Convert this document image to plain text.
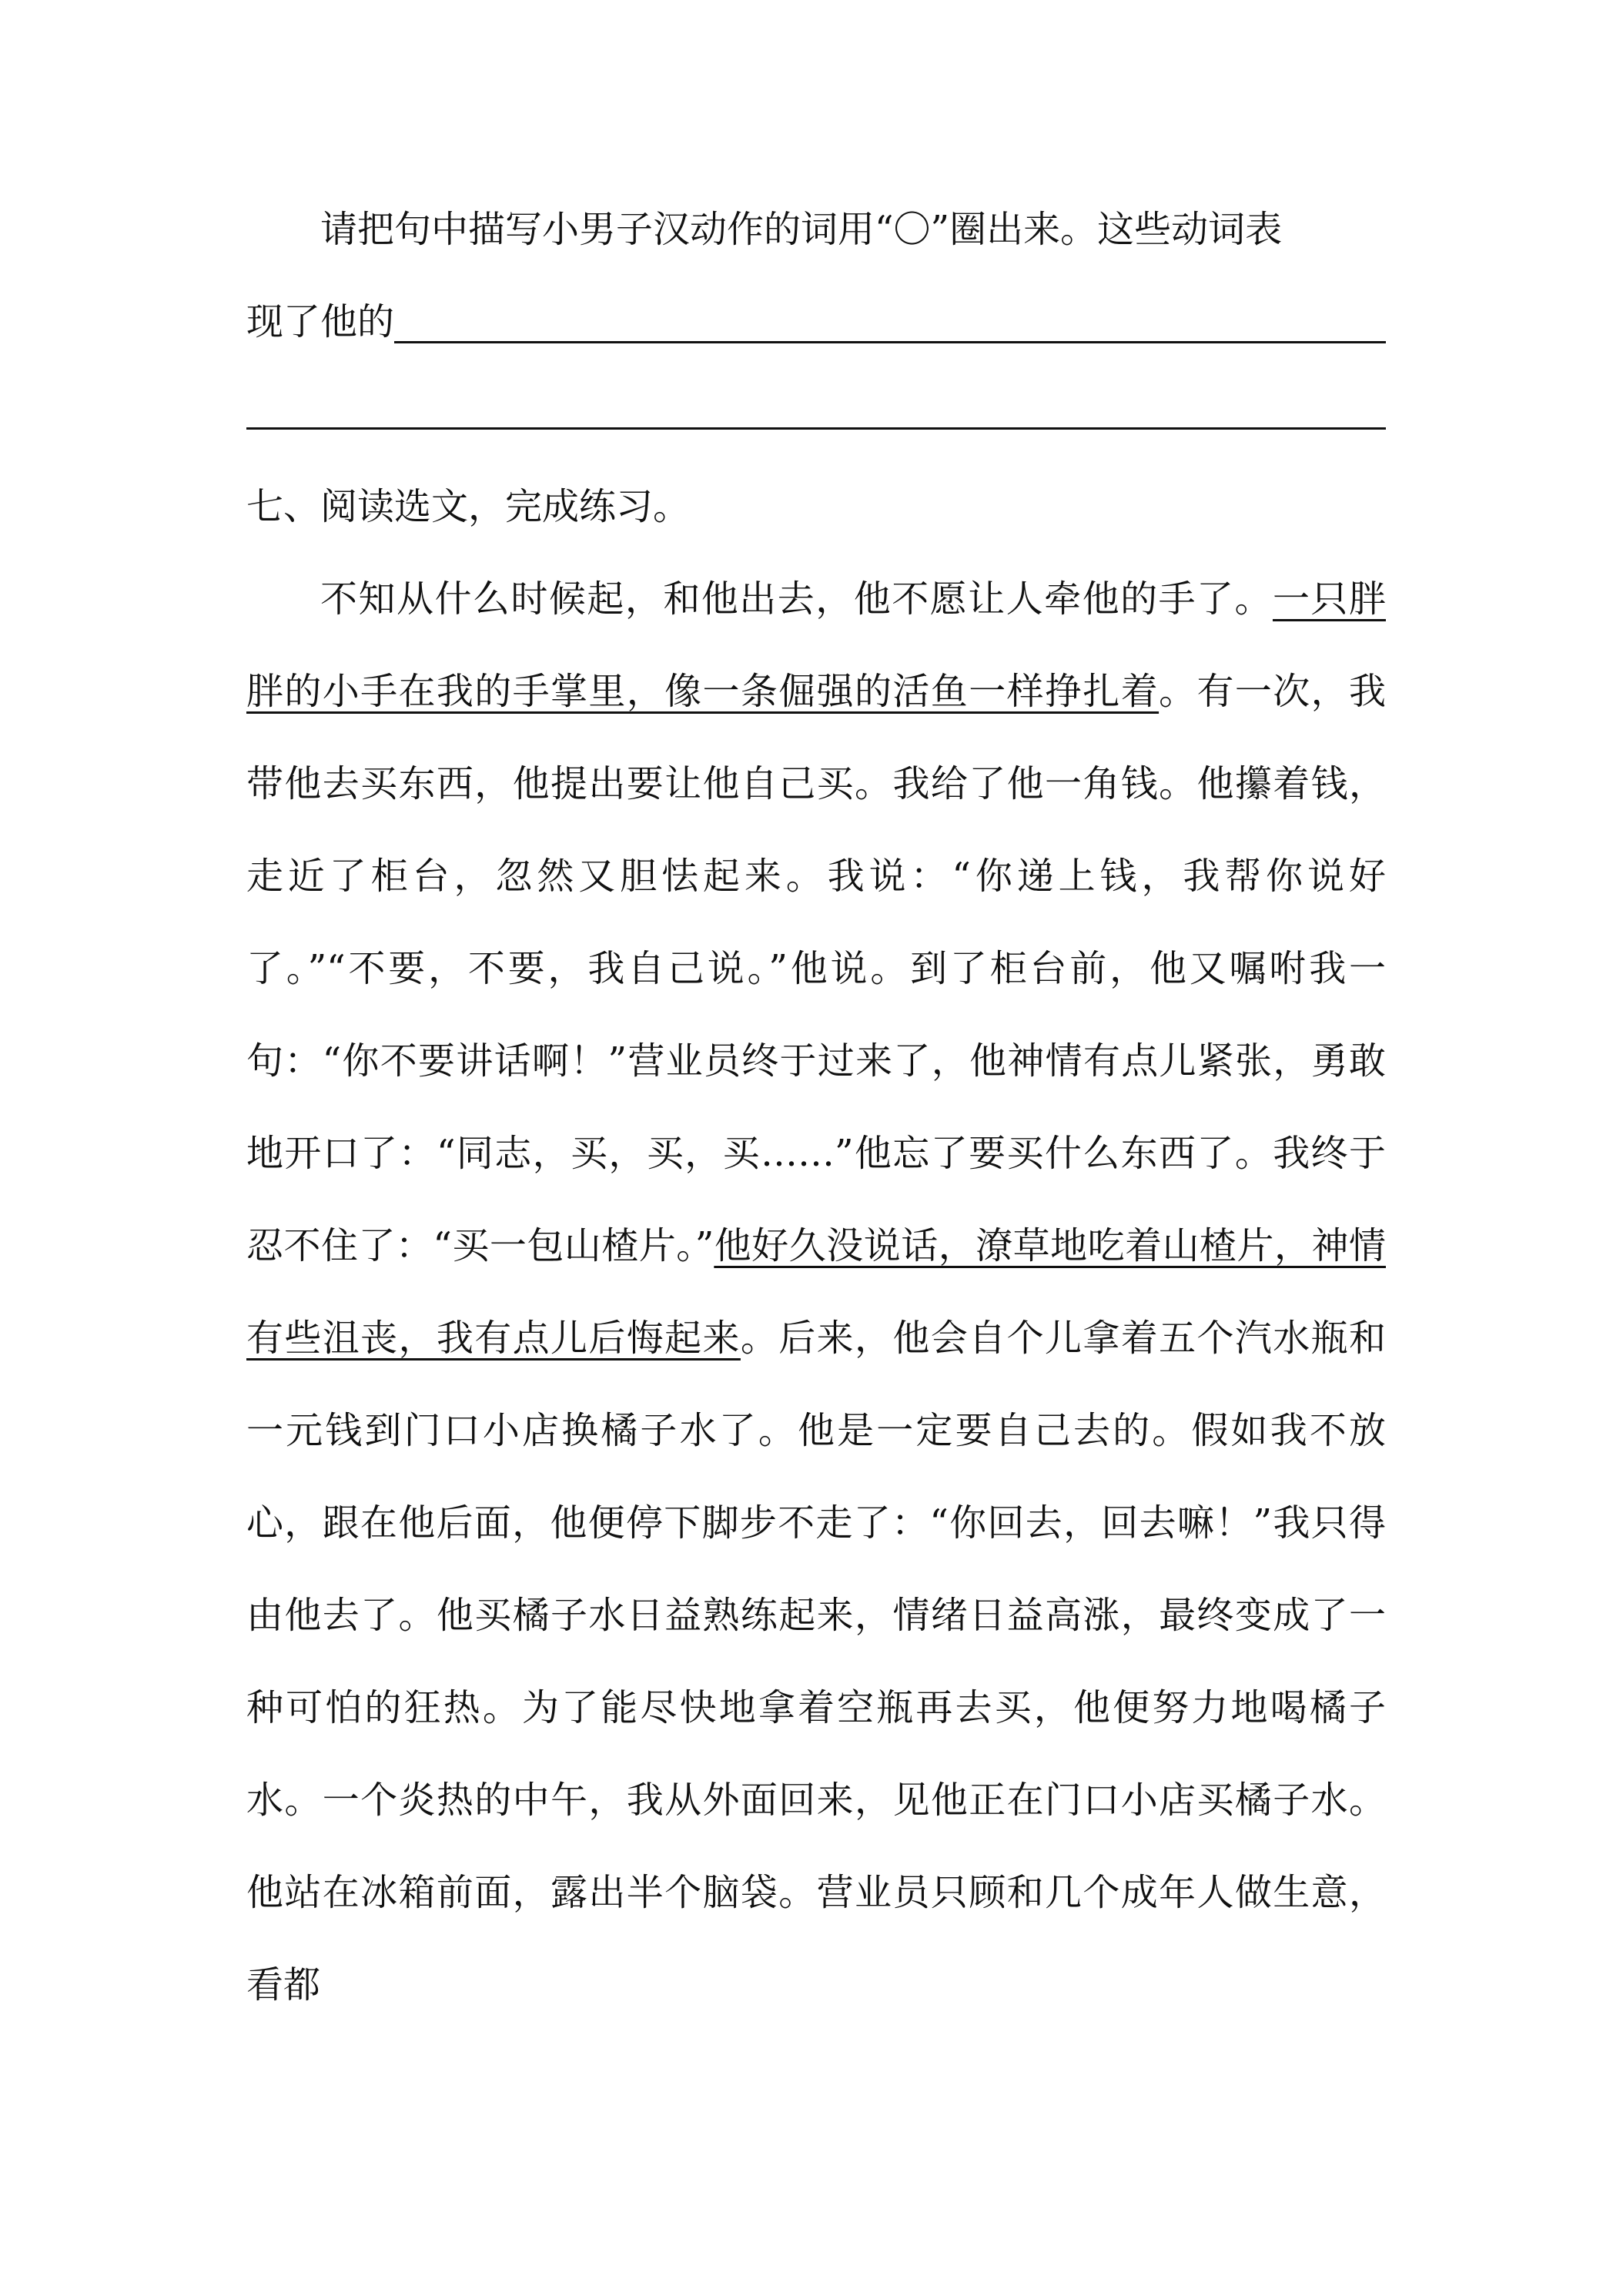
请把句中描写小男子汉动作的词用“〇”圈出来。这些动词表

现了他的

七、阅读选文，完成练习。

不知从什么时候起，和他出去，他不愿让人牵他的手了。一只胖胖的小手在我的手掌里，像一条倔强的活鱼一样挣扎着。有一次，我带他去买东西，他提出要让他自己买。我给了他一角钱。他攥着钱，走近了柜台，忽然又胆怯起来。我说：“你递上钱，我帮你说好了。”“不要，不要，我自己说。”他说。到了柜台前，他又嘱咐我一句：“你不要讲话啊！”营业员终于过来了，他神情有点儿紧张，勇敢地开口了：“同志，买，买，买……”他忘了要买什么东西了。我终于忍不住了：“买一包山楂片。”他好久没说话，潦草地吃着山楂片，神情有些沮丧，我有点儿后悔起来。后来，他会自个儿拿着五个汽水瓶和一元钱到门口小店换橘子水了。他是一定要自己去的。假如我不放心，跟在他后面，他便停下脚步不走了：“你回去，回去嘛！”我只得由他去了。他买橘子水日益熟练起来，情绪日益高涨，最终变成了一种可怕的狂热。为了能尽快地拿着空瓶再去买，他便努力地喝橘子水。一个炎热的中午，我从外面回来，见他正在门口小店买橘子水。他站在冰箱前面，露出半个脑袋。营业员只顾和几个成年人做生意，看都
